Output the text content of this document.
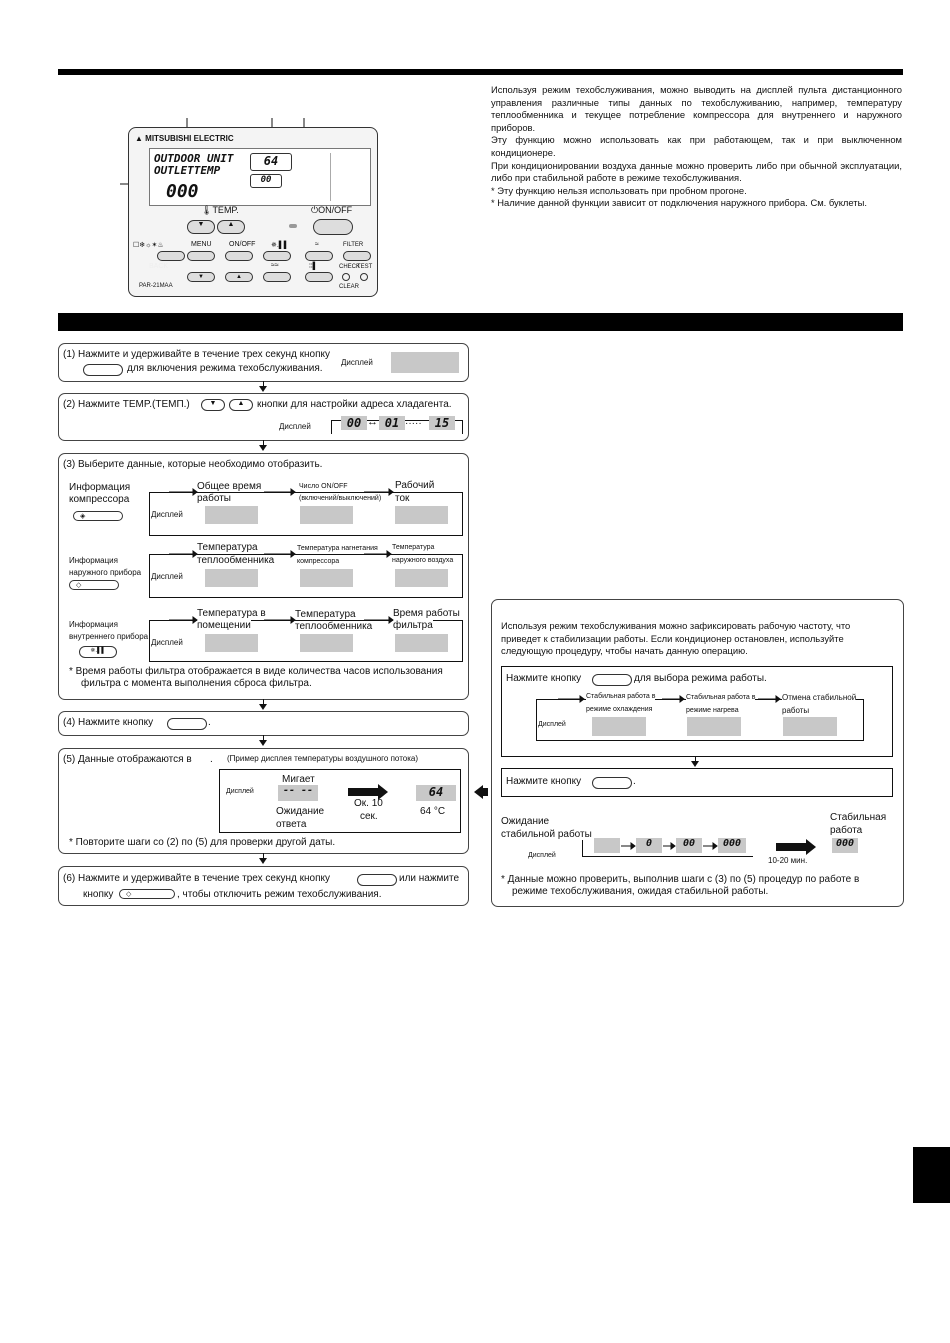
Используя режим техобслуживания, можно выводить на дисплей пульта дистанционного управления различные типы данных по техобслуживанию, например, температуру теплообменника и текущее потребление компрессора для внутреннего и наружного приборов.
Эту функцию можно использовать как при работающем, так и при выключенном кондиционере.
При кондиционировании воздуха данные можно проверить либо при обычной эксплуатации, либо при стабильной работе в режиме техобслуживания.
* Эту функцию нельзя использовать при пробном прогоне.
* Наличие данной функции зависит от подключения наружного прибора. См. буклеты.
▲ MITSUBISHI ELECTRIC
OUTDOOR UNIT
OUTLETTEMP
000
64
00
🌡TEMP.	⏻ON/OFF
▼	▲
☐❄☼✶♨	MENU ON/OFF ✵.▌▌	≈	FILTER
BACK	≈≈	∶∶▌	CHECK
TEST
▼	▲
PAR-21MAA	CLEAR
(1) Нажмите и удерживайте в течение трех секунд кнопку
для включения режима техобслуживания.
Дисплей
(2) Нажмите TEMP.(ТЕМП.)	▼	▲	кнопки для настройки адреса хладагента.
Дисплей	00 ↔ 01 ·····	15
(3) Выберите данные, которые необходимо отобразить.
Информация
компрессора
◈	Дисплей
Общее время
работы
Число ON/OFF
(включений/выключений)
Рабочий
ток
Информация
наружного прибора
◇
Дисплей
Температура
теплообменника
Температура нагнетания
компрессора
Температура
наружного воздуха
Информация
внутреннего прибора
✵.▌▌
Дисплей
Температура в
помещении
Температура
теплообменника
Время работы
фильтра
* Время работы фильтра отображается в виде количества часов использования
фильтра с момента выполнения сброса фильтра.
(4) Нажмите кнопку	.
(5) Данные отображаются в . (Пример дисплея температуры воздушного потока)
Дисплей
Мигает
-- --
Ожидание
ответа
Ок. 10
сек.
64
64 °C
* Повторите шаги со (2) по (5) для проверки другой даты.
(6) Нажмите и удерживайте в течение трех секунд кнопку	или нажмите
кнопку	◇	, чтобы отключить режим техобслуживания.
Используя режим техобслуживания можно зафиксировать рабочую частоту, что
приведет к стабилизации работы. Если кондиционер остановлен, используйте
следующую процедуру, чтобы начать данную операцию.
Нажмите кнопку	для выбора режима работы.
Дисплей
Стабильная работа в
режиме охлаждения
Стабильная работа в
режиме нагрева
Отмена стабильной
работы
Нажмите кнопку	.
Ожидание
стабильной работы
Стабильная
работа
Дисплей
0	00	000
10-20 мин.
000
* Данные можно проверить, выполнив шаги с (3) по (5) процедур по работе в
режиме техобслуживания, ожидая стабильной работы.
